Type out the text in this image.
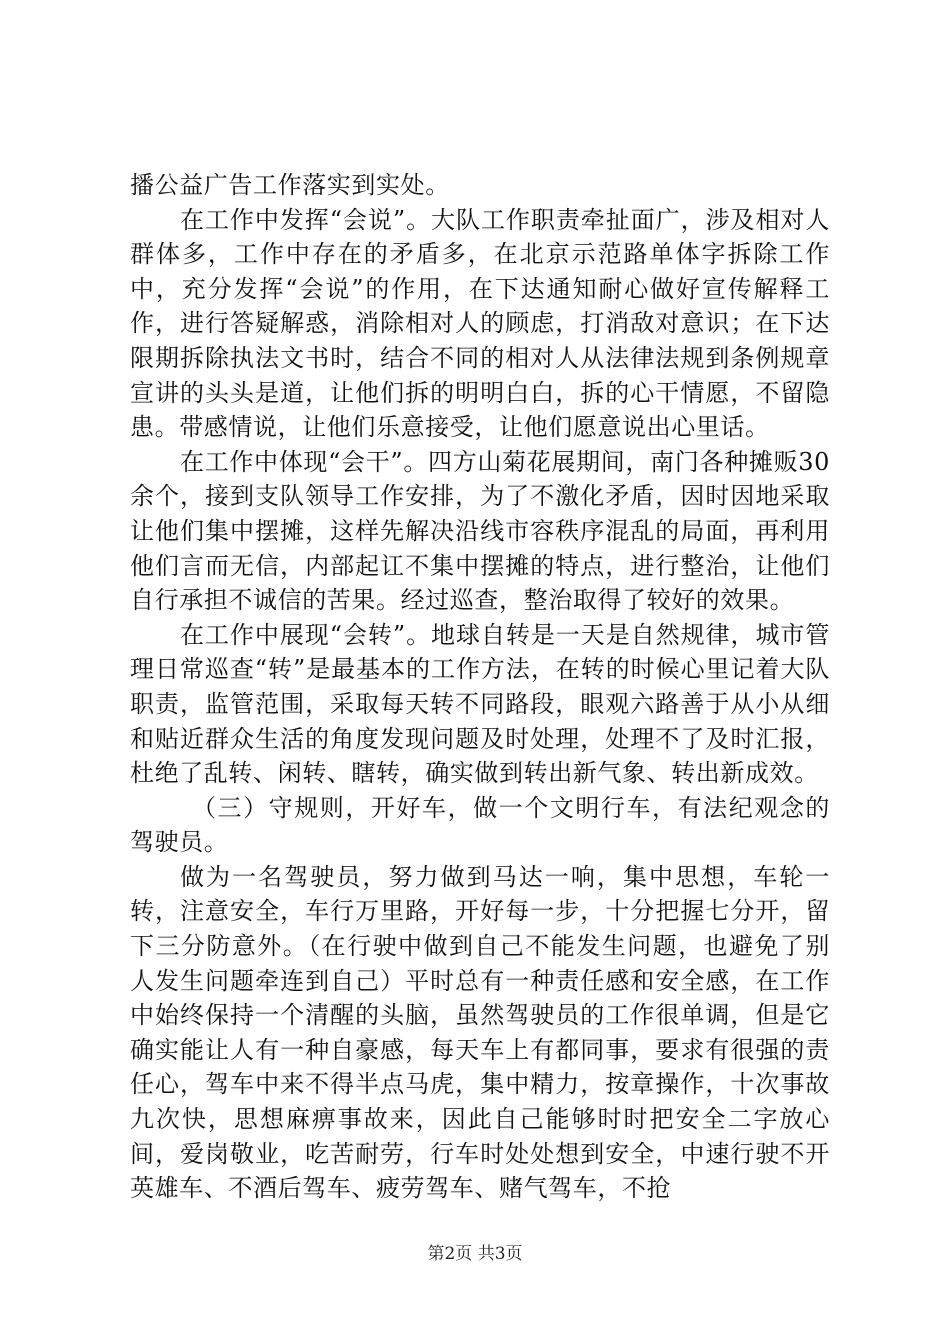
播公益广告工作落实到实处。

在工作中发挥“会说”。大队工作职责牵扯面广，涉及相对人群体多，工作中存在的矛盾多，在北京示范路单体字拆除工作中，充分发挥“会说”的作用，在下达通知耐心做好宣传解释工作，进行答疑解惑，消除相对人的顾虑，打消敌对意识；在下达限期拆除执法文书时，结合不同的相对人从法律法规到条例规章宣讲的头头是道，让他们拆的明明白白，拆的心干情愿，不留隐患。带感情说，让他们乐意接受，让他们愿意说出心里话。

在工作中体现“会干”。四方山菊花展期间，南门各种摊贩30余个，接到支队领导工作安排，为了不激化矛盾，因时因地采取让他们集中摆摊，这样先解决沿线市容秩序混乱的局面，再利用他们言而无信，内部起讧不集中摆摊的特点，进行整治，让他们自行承担不诚信的苦果。经过巡查，整治取得了较好的效果。

在工作中展现“会转”。地球自转是一天是自然规律，城市管理日常巡查“转”是最基本的工作方法，在转的时候心里记着大队职责，监管范围，采取每天转不同路段，眼观六路善于从小从细和贴近群众生活的角度发现问题及时处理，处理不了及时汇报，杜绝了乱转、闲转、瞎转，确实做到转出新气象、转出新成效。

（三）守规则，开好车，做一个文明行车，有法纪观念的驾驶员。

做为一名驾驶员，努力做到马达一响，集中思想，车轮一转，注意安全，车行万里路，开好每一步，十分把握七分开，留下三分防意外。（在行驶中做到自己不能发生问题，也避免了别人发生问题牵连到自己）平时总有一种责任感和安全感，在工作中始终保持一个清醒的头脑，虽然驾驶员的工作很单调，但是它确实能让人有一种自豪感，每天车上有都同事，要求有很强的责任心，驾车中来不得半点马虎，集中精力，按章操作，十次事故九次快，思想麻痹事故来，因此自己能够时时把安全二字放心间，爱岗敬业，吃苦耐劳，行车时处处想到安全，中速行驶不开英雄车、不酒后驾车、疲劳驾车、赌气驾车，不抢

第2页 共3页
